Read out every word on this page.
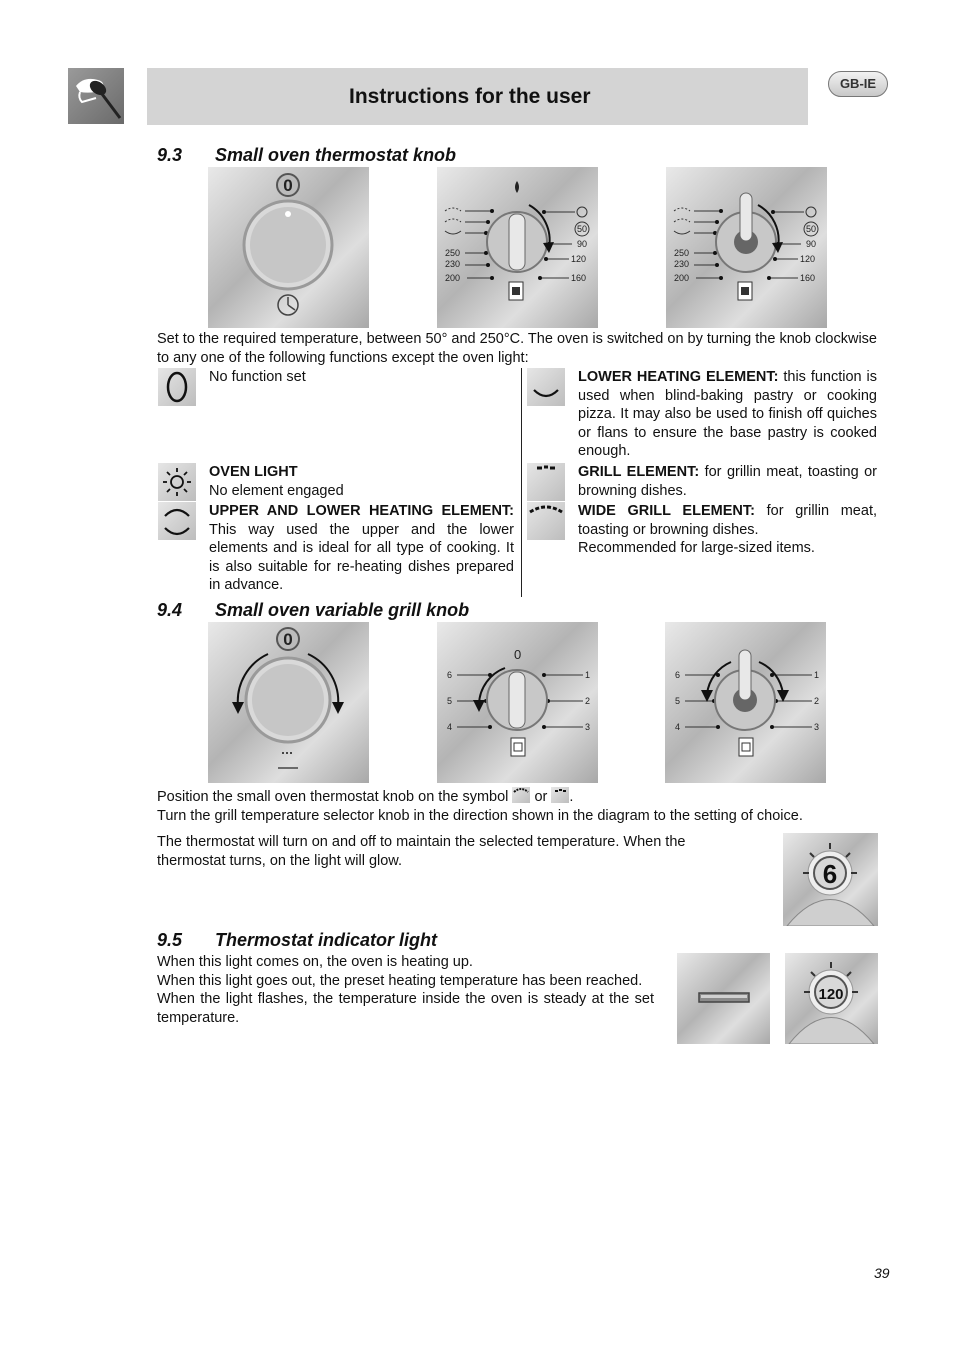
Instructions for the user
GB-IE
9.3 Small oven thermostat knob
0
250
230
200
50
90
120
160
250
230
200
50
90
120
160
Set to the required temperature, between 50° and 250°C. The oven is switched on by turning the knob clockwise to any one of the following functions except the oven light:
No function set
OVEN LIGHT
No element engaged
UPPER AND LOWER HEATING ELEMENT: This way used the upper and the lower elements and is ideal for all type of cooking. It is also suitable for re-heating dishes prepared in advance.
LOWER HEATING ELEMENT: this function is used when blind-baking pastry or cooking pizza. It may also be used to finish off quiches or flans to ensure the base pastry is cooked enough.
GRILL ELEMENT: for grillin meat, toasting or browning dishes.
WIDE GRILL ELEMENT: for grillin meat, toasting or browning dishes.
Recommended for large-sized items.
9.4 Small oven variable grill knob
0
0
6
5
4
1
2
3
6
5
4
1
2
3
Position the small oven thermostat knob on the symbol or .
Turn the grill temperature selector knob in the direction shown in the diagram to the setting of choice.
The thermostat will turn on and off to maintain the selected temperature. When the thermostat turns, on the light will glow.	6
9.5 Thermostat indicator light
When this light comes on, the oven is heating up.
When this light goes out, the preset heating temperature has been reached.
When the light flashes, the temperature inside the oven is steady at the set temperature.
120
39
